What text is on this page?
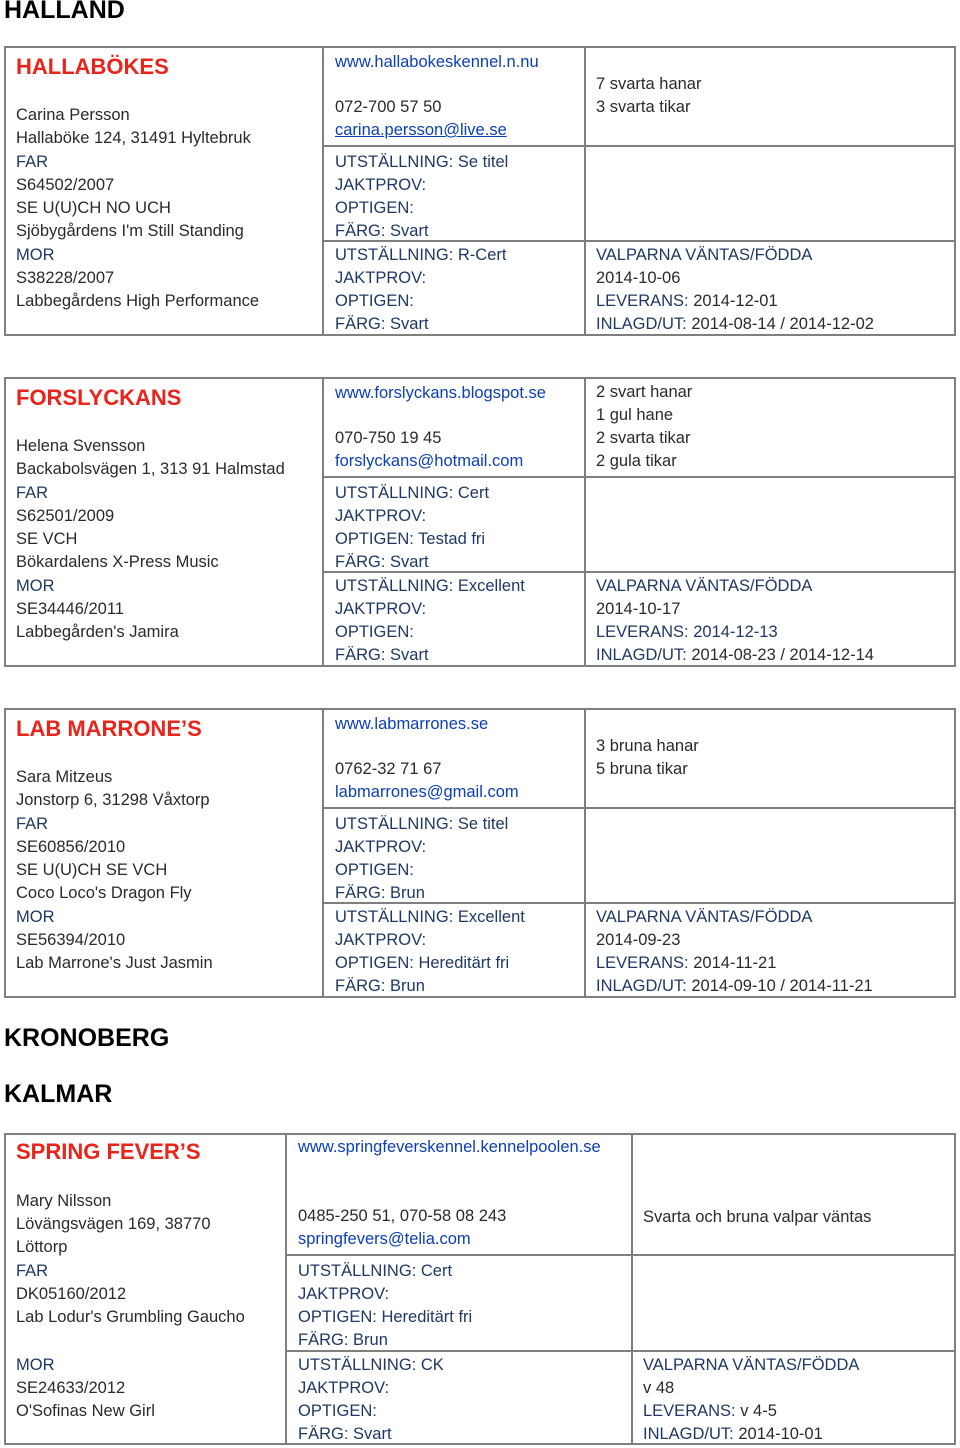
HALLAND
KRONOBERG
KALMAR
HALLABÖKES
Carina Persson
Hallaböke 124, 31491 Hyltebruk
FAR
S64502/2007
SE U(U)CH NO UCH
Sjöbygårdens I'm Still Standing
MOR
S38228/2007
Labbegårdens High Performance
www.hallabokeskennel.n.nu
072-700 57 50
carina.persson@live.se
UTSTÄLLNING: Se titel
JAKTPROV:
OPTIGEN:
FÄRG: Svart
UTSTÄLLNING: R-Cert
JAKTPROV:
OPTIGEN:
FÄRG: Svart
7 svarta hanar
3 svarta tikar
VALPARNA VÄNTAS/FÖDDA
2014-10-06
LEVERANS: 2014-12-01
INLAGD/UT: 2014-08-14 / 2014-12-02
FORSLYCKANS
Helena Svensson
Backabolsvägen 1, 313 91 Halmstad
FAR
S62501/2009
SE VCH
Bökardalens X-Press Music
MOR
SE34446/2011
Labbegården's Jamira
www.forslyckans.blogspot.se
070-750 19 45
forslyckans@hotmail.com
UTSTÄLLNING: Cert
JAKTPROV:
OPTIGEN: Testad fri
FÄRG: Svart
UTSTÄLLNING: Excellent
JAKTPROV:
OPTIGEN:
FÄRG: Svart
2 svart hanar
1 gul hane
2 svarta tikar
2 gula tikar
VALPARNA VÄNTAS/FÖDDA
2014-10-17
LEVERANS: 2014-12-13
INLAGD/UT: 2014-08-23 / 2014-12-14
LAB MARRONE’S
Sara Mitzeus
Jonstorp 6, 31298 Våxtorp
FAR
SE60856/2010
SE U(U)CH SE VCH
Coco Loco's Dragon Fly
MOR
SE56394/2010
Lab Marrone's Just Jasmin
www.labmarrones.se
0762-32 71 67
labmarrones@gmail.com
UTSTÄLLNING: Se titel
JAKTPROV:
OPTIGEN:
FÄRG: Brun
UTSTÄLLNING: Excellent
JAKTPROV:
OPTIGEN: Hereditärt fri
FÄRG: Brun
3 bruna hanar
5 bruna tikar
VALPARNA VÄNTAS/FÖDDA
2014-09-23
LEVERANS: 2014-11-21
INLAGD/UT: 2014-09-10 / 2014-11-21
SPRING FEVER’S
Mary Nilsson
Lövängsvägen 169, 38770
Löttorp
FAR
DK05160/2012
Lab Lodur's Grumbling Gaucho
MOR
SE24633/2012
O'Sofinas New Girl
www.springfeverskennel.kennelpoolen.se
0485-250 51, 070-58 08 243
springfevers@telia.com
UTSTÄLLNING: Cert
JAKTPROV:
OPTIGEN: Hereditärt fri
FÄRG: Brun
UTSTÄLLNING: CK
JAKTPROV:
OPTIGEN:
FÄRG: Svart
Svarta och bruna valpar väntas
VALPARNA VÄNTAS/FÖDDA
v 48
LEVERANS: v 4-5
INLAGD/UT: 2014-10-01
